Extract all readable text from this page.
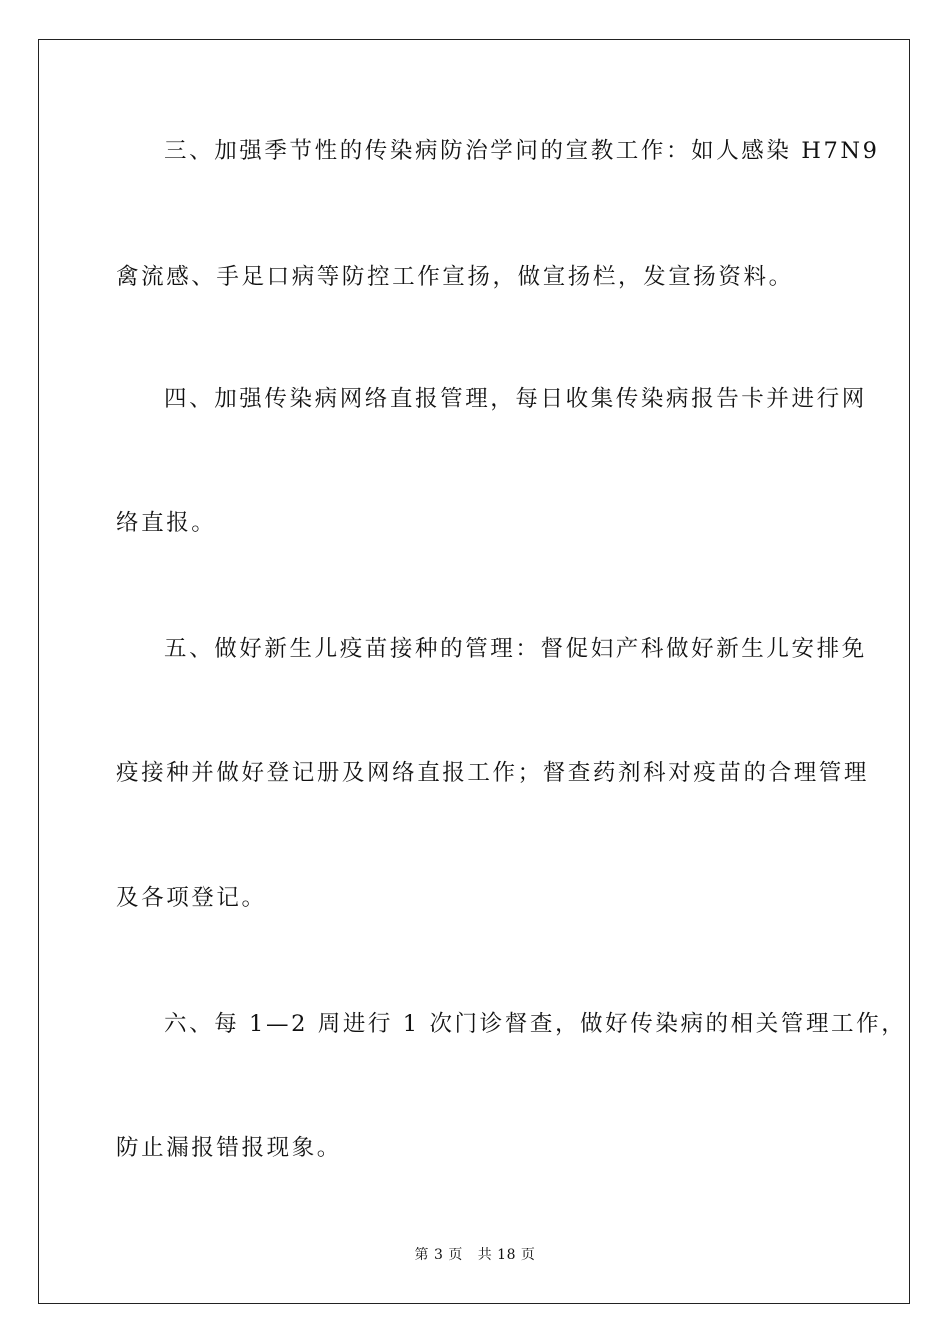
三、加强季节性的传染病防治学问的宣教工作：如人感染 H7N9

禽流感、手足口病等防控工作宣扬，做宣扬栏，发宣扬资料。

四、加强传染病网络直报管理，每日收集传染病报告卡并进行网

络直报。

五、做好新生儿疫苗接种的管理：督促妇产科做好新生儿安排免

疫接种并做好登记册及网络直报工作；督查药剂科对疫苗的合理管理

及各项登记。

六、每 1—2 周进行 1 次门诊督查，做好传染病的相关管理工作，

防止漏报错报现象。

第 3 页 共 18 页
